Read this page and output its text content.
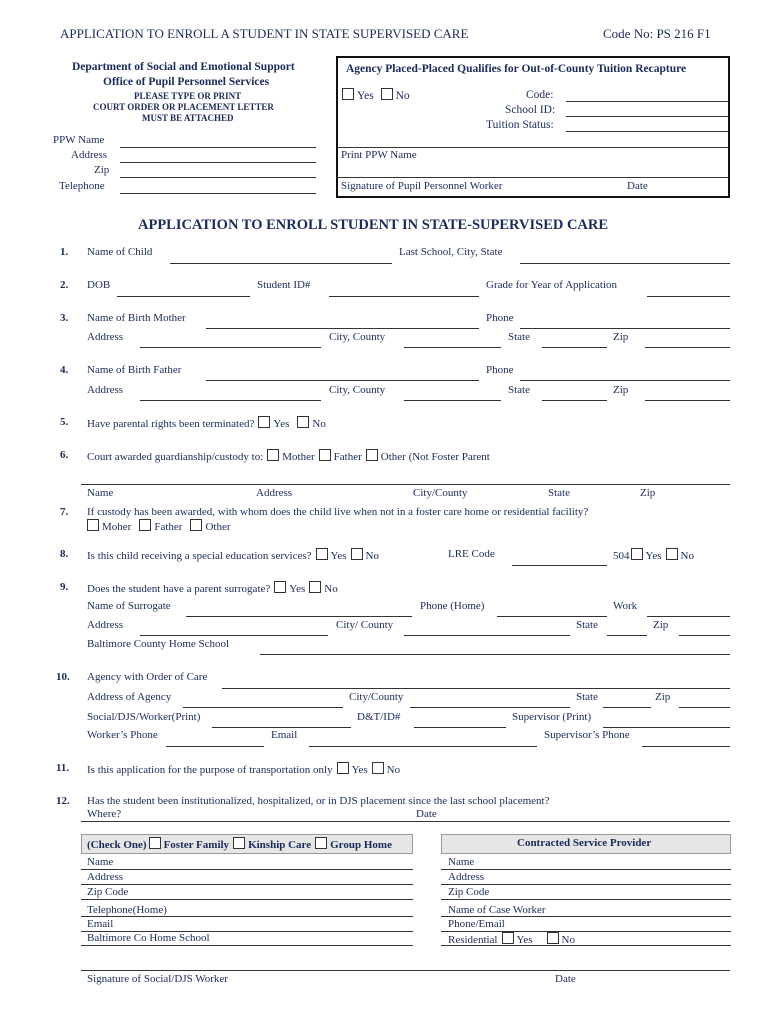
APPLICATION TO ENROLL A STUDENT IN STATE SUPERVISED CARE	Code No: PS 216 F1
Department of Social and Emotional Support
Office of Pupil Personnel Services
PLEASE TYPE OR PRINT
COURT ORDER OR PLACEMENT LETTER
MUST BE ATTACHED
PPW Name
Address
Zip
Telephone
Agency Placed-Placed Qualifies for Out-of-County Tuition Recapture
Yes No	Code:
School ID:
Tuition Status:
Print PPW Name
Signature of Pupil Personnel Worker	Date
APPLICATION TO ENROLL STUDENT IN STATE-SUPERVISED CARE
1. Name of Child	Last School, City, State
2. DOB	Student ID#	Grade for Year of Application
3. Name of Birth Mother	Phone
Address	City, County	State	Zip
4. Name of Birth Father	Phone
Address	City, County	State	Zip
5. Have parental rights been terminated? Yes No
6. Court awarded guardianship/custody to: Mother Father Other (Not Foster Parent
Name	Address	City/County	State	Zip
7. If custody has been awarded, with whom does the child live when not in a foster care home or residential facility?
Moher Father Other
8. Is this child receiving a special education services? Yes No	LRE Code	504 Yes No
9. Does the student have a parent surrogate? Yes No
Name of Surrogate	Phone (Home)	Work
Address	City/ County	State	Zip
Baltimore County Home School
10. Agency with Order of Care
Address of Agency	City/County	State	Zip
Social/DJS/Worker(Print)	D&T/ID#	Supervisor (Print)
Worker’s Phone	Email	Supervisor’s Phone
11. Is this application for the purpose of transportation only Yes No
12. Has the student been institutionalized, hospitalized, or in DJS placement since the last school placement?
Where?	Date
(Check One) Foster Family Kinship Care Group Home
Name
Address
Zip Code
Telephone(Home)
Email
Baltimore Co Home School
Contracted Service Provider
Name
Address
Zip Code
Name of Case Worker
Phone/Email
Residential Yes	No
Signature of Social/DJS Worker	Date
